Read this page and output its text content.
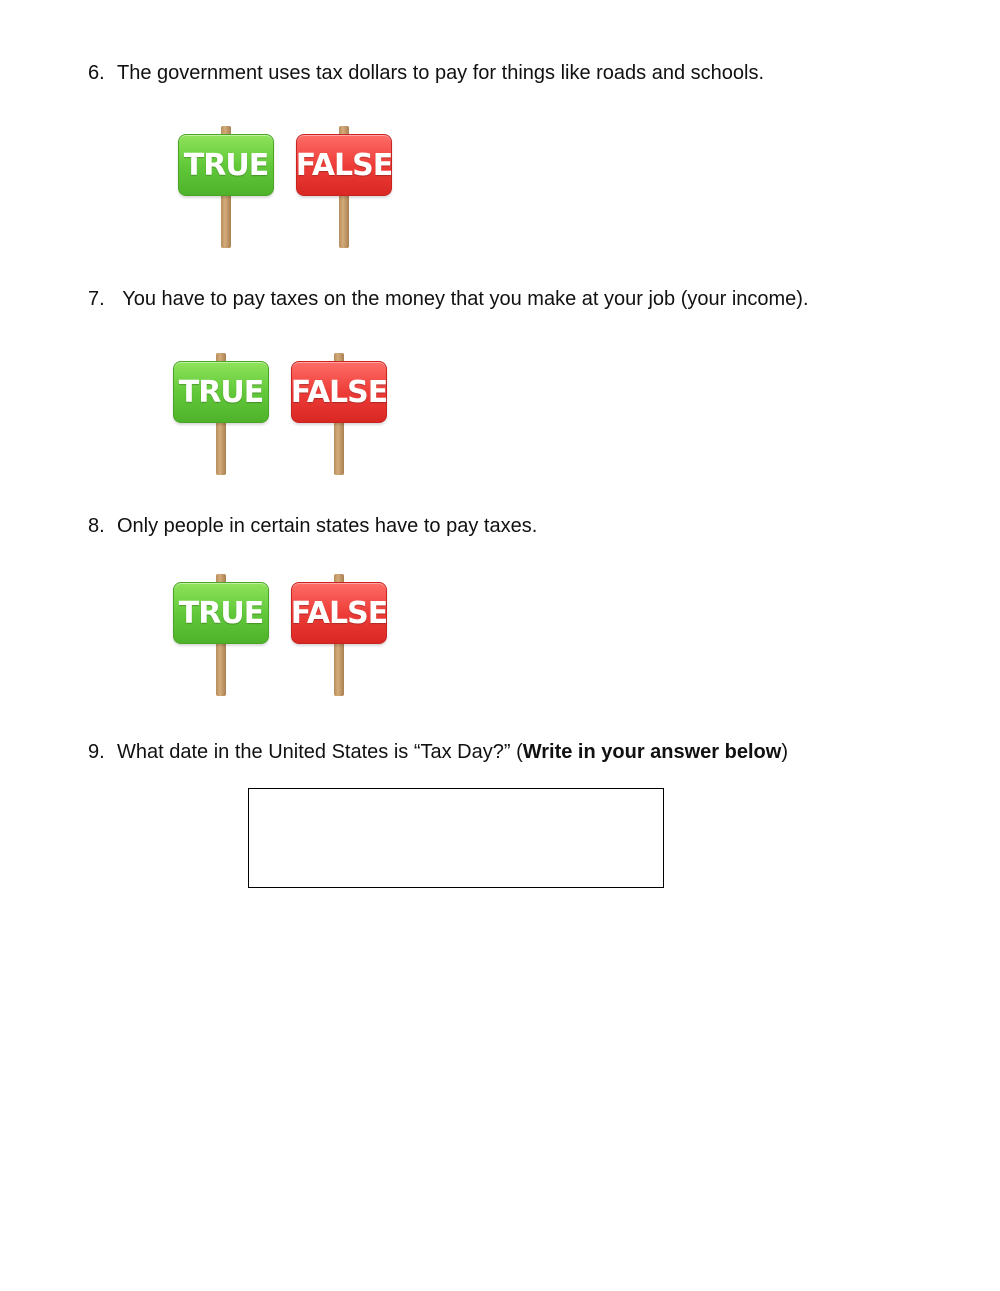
6. The government uses tax dollars to pay for things like roads and schools.
TRUE FALSE
7. You have to pay taxes on the money that you make at your job (your income).
TRUE FALSE
8. Only people in certain states have to pay taxes.
TRUE FALSE
9. What date in the United States is “Tax Day?” (Write in your answer below)
